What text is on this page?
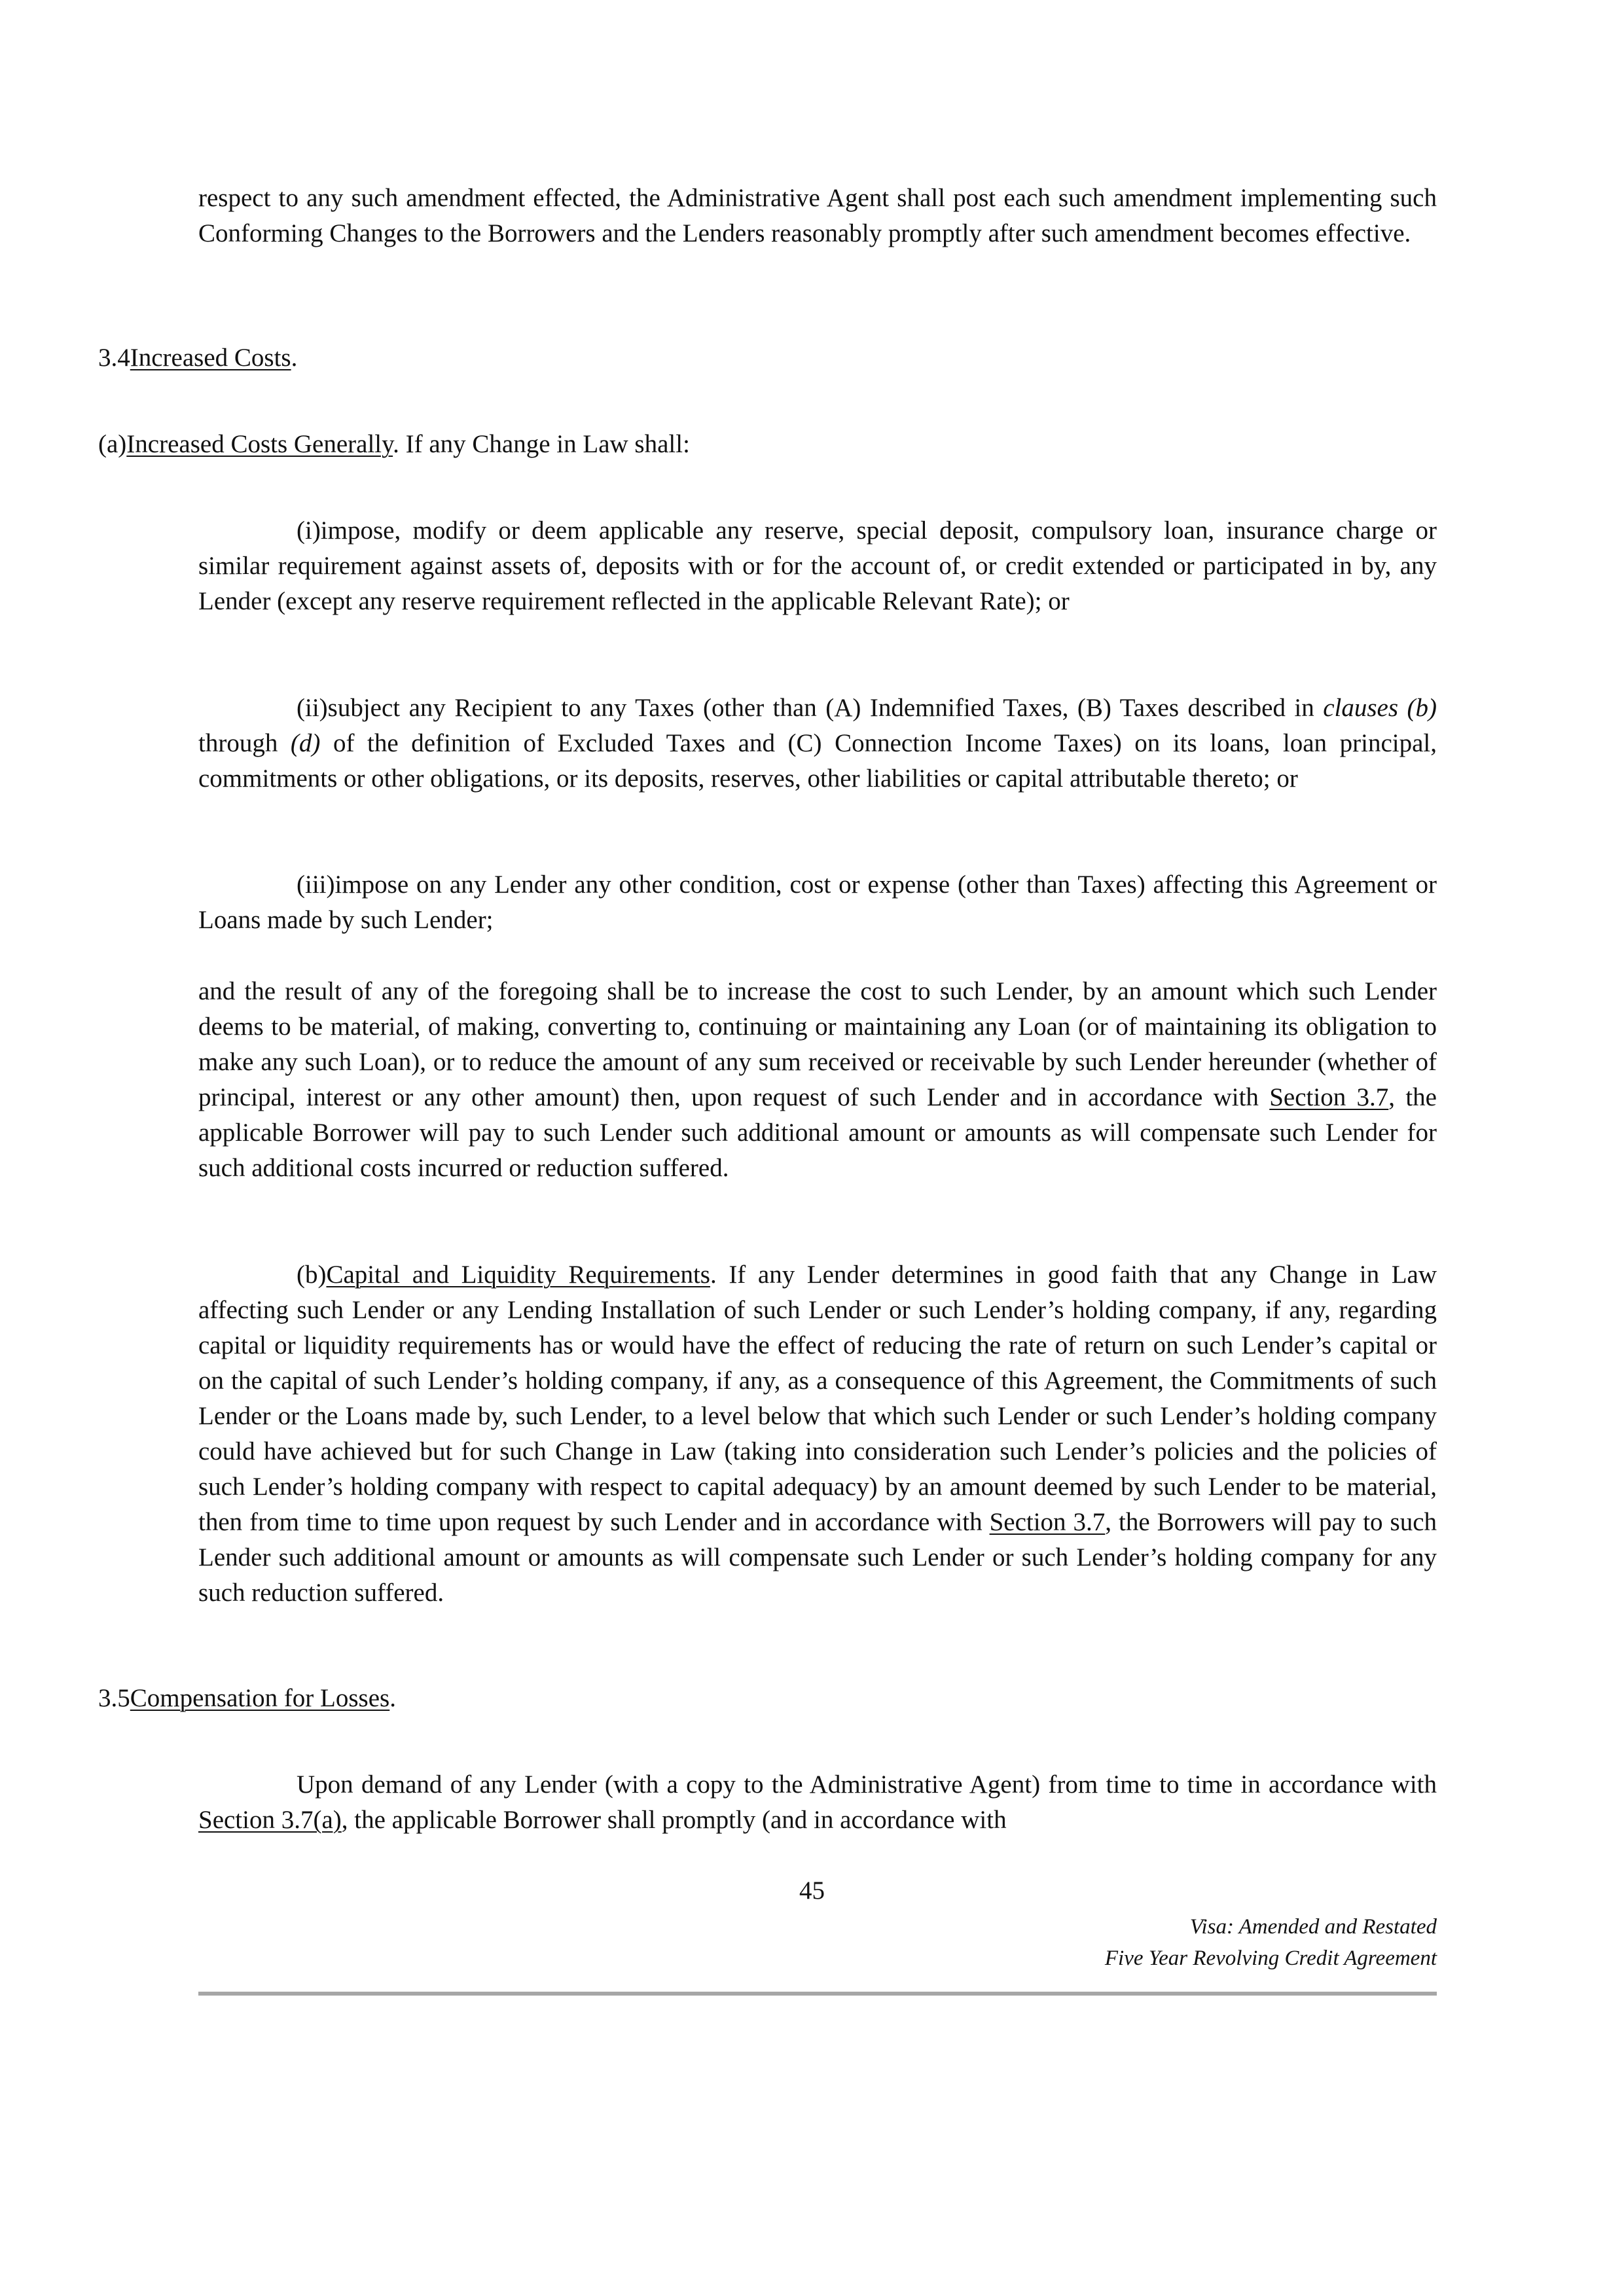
respect to any such amendment effected, the Administrative Agent shall post each such amendment implementing such Conforming Changes to the Borrowers and the Lenders reasonably promptly after such amendment becomes effective.

3.4Increased Costs.
(a)Increased Costs Generally. If any Change in Law shall:

(i)impose, modify or deem applicable any reserve, special deposit, compulsory loan, insurance charge or similar requirement against assets of, deposits with or for the account of, or credit extended or participated in by, any Lender (except any reserve requirement reflected in the applicable Relevant Rate); or

(ii)subject any Recipient to any Taxes (other than (A) Indemnified Taxes, (B) Taxes described in clauses (b) through (d) of the definition of Excluded Taxes and (C) Connection Income Taxes) on its loans, loan principal, commitments or other obligations, or its deposits, reserves, other liabilities or capital attributable thereto; or

(iii)impose on any Lender any other condition, cost or expense (other than Taxes) affecting this Agreement or Loans made by such Lender;

and the result of any of the foregoing shall be to increase the cost to such Lender, by an amount which such Lender deems to be material, of making, converting to, continuing or maintaining any Loan (or of maintaining its obligation to make any such Loan), or to reduce the amount of any sum received or receivable by such Lender hereunder (whether of principal, interest or any other amount) then, upon request of such Lender and in accordance with Section 3.7, the applicable Borrower will pay to such Lender such additional amount or amounts as will compensate such Lender for such additional costs incurred or reduction suffered.

(b)Capital and Liquidity Requirements. If any Lender determines in good faith that any Change in Law affecting such Lender or any Lending Installation of such Lender or such Lender’s holding company, if any, regarding capital or liquidity requirements has or would have the effect of reducing the rate of return on such Lender’s capital or on the capital of such Lender’s holding company, if any, as a consequence of this Agreement, the Commitments of such Lender or the Loans made by, such Lender, to a level below that which such Lender or such Lender’s holding company could have achieved but for such Change in Law (taking into consideration such Lender’s policies and the policies of such Lender’s holding company with respect to capital adequacy) by an amount deemed by such Lender to be material, then from time to time upon request by such Lender and in accordance with Section 3.7, the Borrowers will pay to such Lender such additional amount or amounts as will compensate such Lender or such Lender’s holding company for any such reduction suffered.

3.5Compensation for Losses.

Upon demand of any Lender (with a copy to the Administrative Agent) from time to time in accordance with Section 3.7(a), the applicable Borrower shall promptly (and in accordance with

45
Visa: Amended and Restated
Five Year Revolving Credit Agreement
